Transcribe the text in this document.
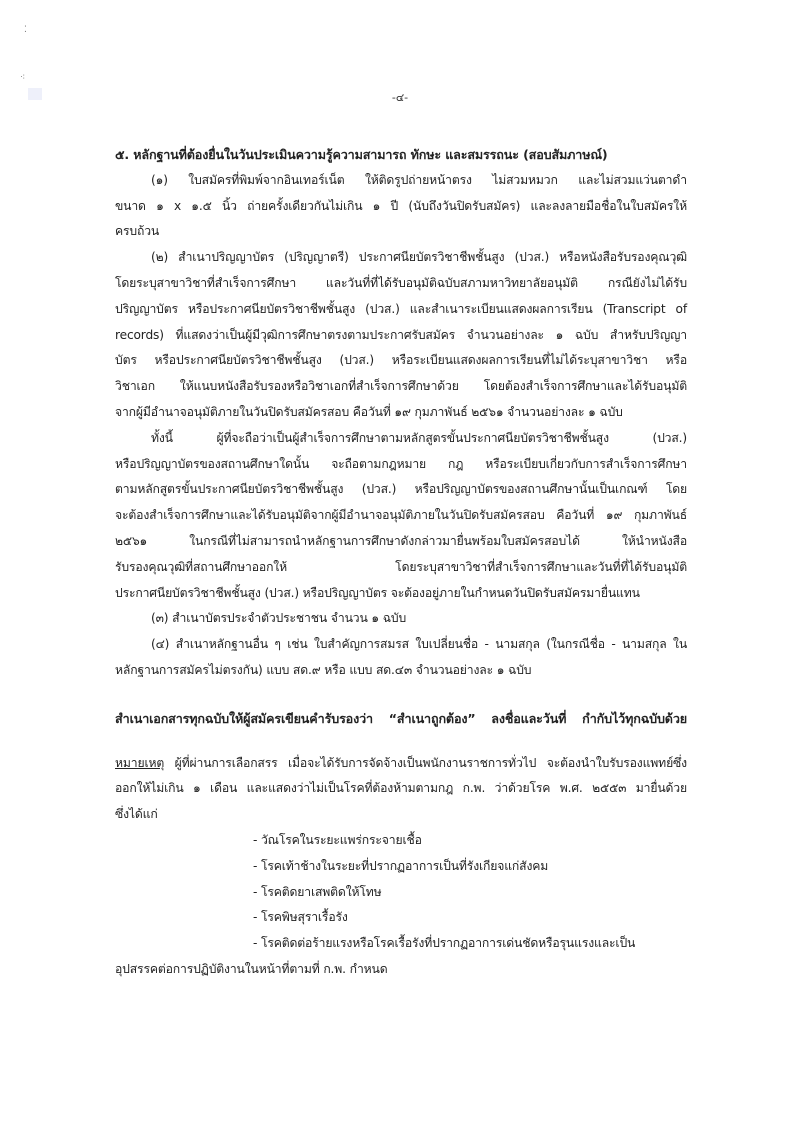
⁚
⁖
-๔-
๕. หลักฐานที่ต้องยื่นในวันประเมินความรู้ความสามารถ ทักษะ และสมรรถนะ (สอบสัมภาษณ์)
(๑) ใบสมัครที่พิมพ์จากอินเทอร์เน็ต ให้ติดรูปถ่ายหน้าตรง ไม่สวมหมวก และไม่สวมแว่นตาดำ
ขนาด ๑ x ๑.๕ นิ้ว ถ่ายครั้งเดียวกันไม่เกิน ๑ ปี (นับถึงวันปิดรับสมัคร) และลงลายมือชื่อในใบสมัครให้
ครบถ้วน
(๒) สำเนาปริญญาบัตร (ปริญญาตรี) ประกาศนียบัตรวิชาชีพชั้นสูง (ปวส.) หรือหนังสือรับรองคุณวุฒิ
โดยระบุสาขาวิชาที่สำเร็จการศึกษา และวันที่ที่ได้รับอนุมัติฉบับสภามหาวิทยาลัยอนุมัติ กรณียังไม่ได้รับ
ปริญญาบัตร หรือประกาศนียบัตรวิชาชีพชั้นสูง (ปวส.) และสำเนาระเบียนแสดงผลการเรียน (Transcript of
records) ที่แสดงว่าเป็นผู้มีวุฒิการศึกษาตรงตามประกาศรับสมัคร จำนวนอย่างละ ๑ ฉบับ สำหรับปริญญา
บัตร หรือประกาศนียบัตรวิชาชีพชั้นสูง (ปวส.) หรือระเบียนแสดงผลการเรียนที่ไม่ได้ระบุสาขาวิชา หรือ
วิชาเอก ให้แนบหนังสือรับรองหรือวิชาเอกที่สำเร็จการศึกษาด้วย โดยต้องสำเร็จการศึกษาและได้รับอนุมัติ
จากผู้มีอำนาจอนุมัติภายในวันปิดรับสมัครสอบ คือวันที่ ๑๙ กุมภาพันธ์ ๒๕๖๑ จำนวนอย่างละ ๑ ฉบับ
ทั้งนี้ ผู้ที่จะถือว่าเป็นผู้สำเร็จการศึกษาตามหลักสูตรขั้นประกาศนียบัตรวิชาชีพชั้นสูง (ปวส.)
หรือปริญญาบัตรของสถานศึกษาใดนั้น จะถือตามกฎหมาย กฎ หรือระเบียบเกี่ยวกับการสำเร็จการศึกษา
ตามหลักสูตรขั้นประกาศนียบัตรวิชาชีพชั้นสูง (ปวส.) หรือปริญญาบัตรของสถานศึกษานั้นเป็นเกณฑ์ โดย
จะต้องสำเร็จการศึกษาและได้รับอนุมัติจากผู้มีอำนาจอนุมัติภายในวันปิดรับสมัครสอบ คือวันที่ ๑๙ กุมภาพันธ์
๒๕๖๑ ในกรณีที่ไม่สามารถนำหลักฐานการศึกษาดังกล่าวมายื่นพร้อมใบสมัครสอบได้ ให้นำหนังสือ
รับรองคุณวุฒิที่สถานศึกษาออกให้ โดยระบุสาขาวิชาที่สำเร็จการศึกษาและวันที่ที่ได้รับอนุมัติ
ประกาศนียบัตรวิชาชีพชั้นสูง (ปวส.) หรือปริญญาบัตร จะต้องอยู่ภายในกำหนดวันปิดรับสมัครมายื่นแทน
(๓) สำเนาบัตรประจำตัวประชาชน จำนวน ๑ ฉบับ
(๔) สำเนาหลักฐานอื่น ๆ เช่น ใบสำคัญการสมรส ใบเปลี่ยนชื่อ - นามสกุล (ในกรณีชื่อ - นามสกุล ใน
หลักฐานการสมัครไม่ตรงกัน) แบบ สด.๙ หรือ แบบ สด.๔๓ จำนวนอย่างละ ๑ ฉบับ
สำเนาเอกสารทุกฉบับให้ผู้สมัครเขียนคำรับรองว่า “สำเนาถูกต้อง” ลงชื่อและวันที่ กำกับไว้ทุกฉบับด้วย
หมายเหตุ ผู้ที่ผ่านการเลือกสรร เมื่อจะได้รับการจัดจ้างเป็นพนักงานราชการทั่วไป จะต้องนำใบรับรองแพทย์ซึ่ง
ออกให้ไม่เกิน ๑ เดือน และแสดงว่าไม่เป็นโรคที่ต้องห้ามตามกฎ ก.พ. ว่าด้วยโรค พ.ศ. ๒๕๕๓ มายื่นด้วย
ซึ่งได้แก่
- วัณโรคในระยะแพร่กระจายเชื้อ
- โรคเท้าช้างในระยะที่ปรากฏอาการเป็นที่รังเกียจแก่สังคม
- โรคติดยาเสพติดให้โทษ
- โรคพิษสุราเรื้อรัง
- โรคติดต่อร้ายแรงหรือโรคเรื้อรังที่ปรากฏอาการเด่นชัดหรือรุนแรงและเป็น
อุปสรรคต่อการปฏิบัติงานในหน้าที่ตามที่ ก.พ. กำหนด
